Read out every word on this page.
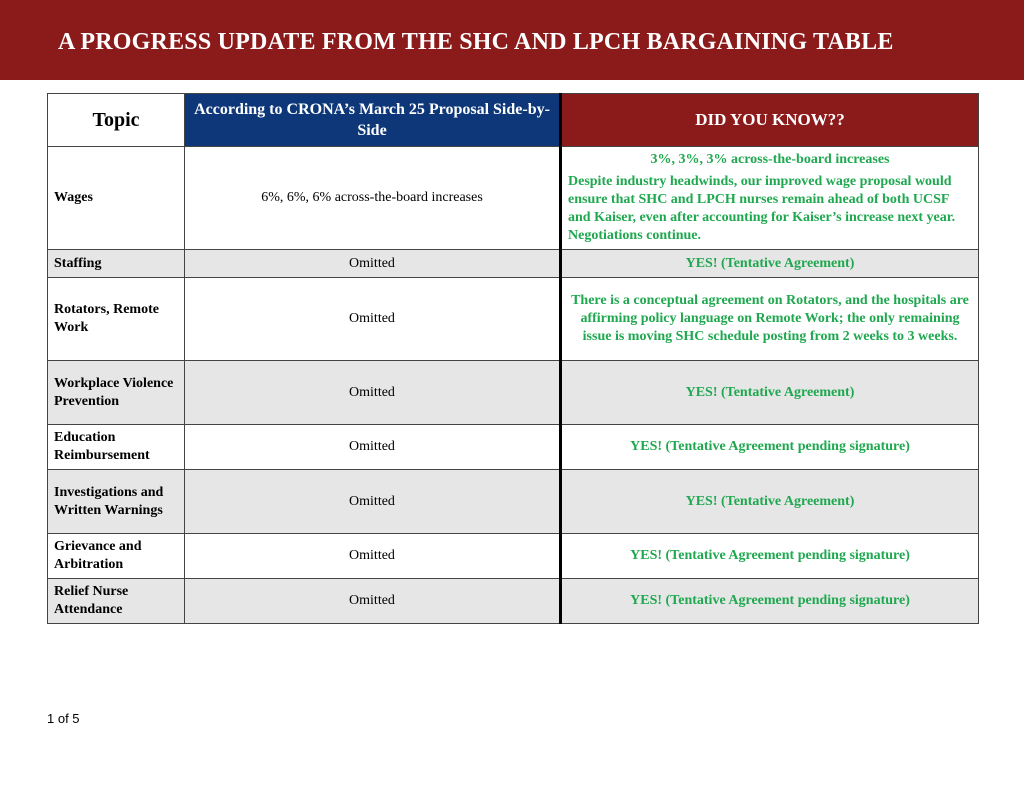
A PROGRESS UPDATE FROM THE SHC AND LPCH BARGAINING TABLE
Topic	According to CRONA’s March 25 Proposal Side-by-Side	DID YOU KNOW??
Wages	6%, 6%, 6% across-the-board increases	3%, 3%, 3% across-the-board increases
Despite industry headwinds, our improved wage proposal would ensure that SHC and LPCH nurses remain ahead of both UCSF and Kaiser, even after accounting for Kaiser’s increase next year. Negotiations continue.

Staffing	Omitted	YES! (Tentative Agreement)
Rotators, Remote Work	Omitted	There is a conceptual agreement on Rotators, and the hospitals are affirming policy language on Remote Work; the only remaining issue is moving SHC schedule posting from 2 weeks to 3 weeks.
Workplace Violence Prevention	Omitted	YES! (Tentative Agreement)
Education Reimbursement	Omitted	YES! (Tentative Agreement pending signature)
Investigations and Written Warnings	Omitted	YES! (Tentative Agreement)
Grievance and Arbitration	Omitted	YES! (Tentative Agreement pending signature)
Relief Nurse Attendance	Omitted	YES! (Tentative Agreement pending signature)

1 of 5
